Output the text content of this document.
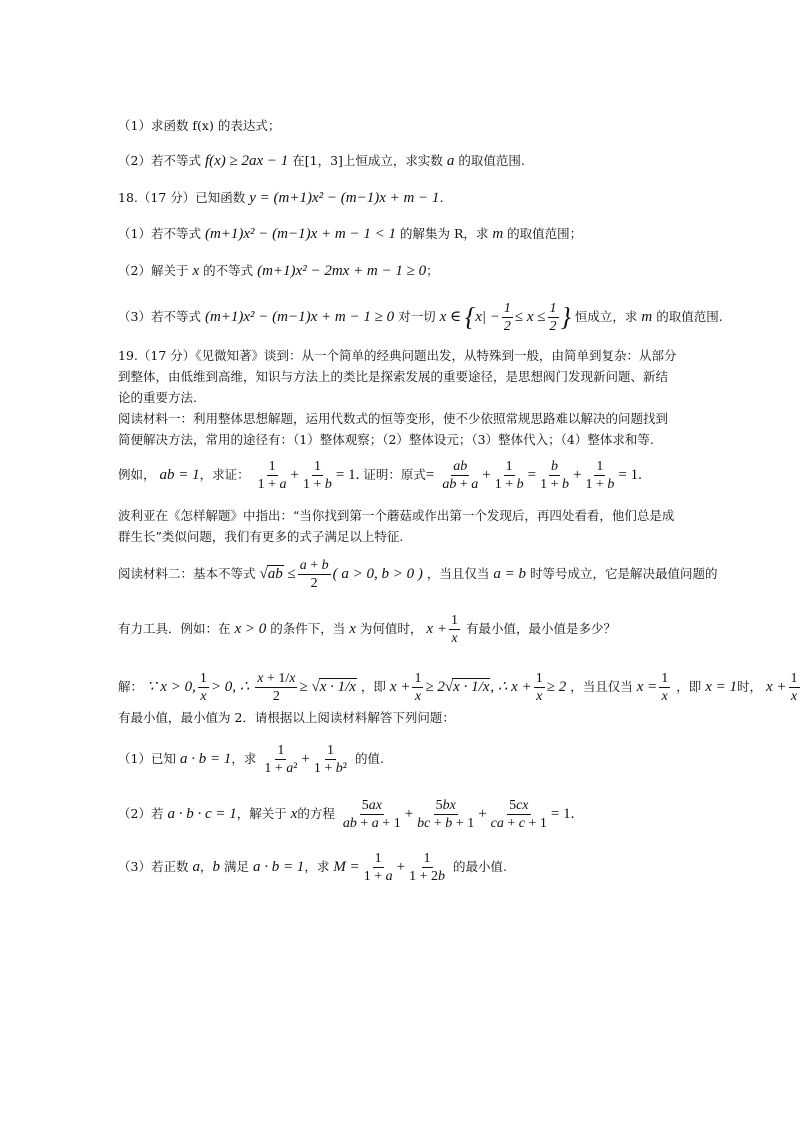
（1）求函数 f(x) 的表达式；
（2）若不等式 f(x) ≥ 2ax − 1 在[1，3]上恒成立，求实数 a 的取值范围.
18.（17 分）已知函数 y = (m+1)x² − (m−1)x + m − 1.
（1）若不等式 (m+1)x² − (m−1)x + m − 1 < 1 的解集为 R，求 m 的取值范围；
（2）解关于 x 的不等式 (m+1)x² − 2mx + m − 1 ≥ 0；
（3）若不等式 (m+1)x² − (m−1)x + m − 1 ≥ 0 对一切 x ∈ {$x| - \frac{1}{2} \le x \le \frac{1}{2}$ } 恒成立，求 m 的取值范围.
19.（17 分）《见微知著》谈到：从一个简单的经典问题出发，从特殊到一般，由简单到复杂：从部分到整体，由低维到高维，知识与方法上的类比是探索发展的重要途径，是思想阀门发现新问题、新结论的重要方法.
阅读材料一：利用整体思想解题，运用代数式的恒等变形，使不少依照常规思路难以解决的问题找到简便解决方法，常用的途径有：（1）整体观察；（2）整体设元；（3）整体代入；（4）整体求和等.
例如， ab = 1，求证： $\frac{1}{1 + a} + \frac{1}{1 + b} = 1$. 证明：原式= $\frac{ab}{ab + a} + \frac{1}{1 + b} = \frac{b}{1 + b} + \frac{1}{1 + b} = 1$.
波利亚在《怎样解题》中指出：“当你找到第一个蘑菇或作出第一个发现后，再四处看看，他们总是成群生长”类似问题，我们有更多的式子满足以上特征.
阅读材料二：基本不等式 $√ab \le \frac{a + b}{2}$ ( a > 0, b > 0 ) ，当且仅当 a = b 时等号成立，它是解决最值问题的
有力工具．例如：在 x > 0 的条件下，当 x 为何值时， $x + \frac{1}{x}$ 有最小值，最小值是多少？
解： ∵ x > 0, $\frac{1}{x} > 0$, ∴ $\frac{x + 1/x}{2} \ge √x \cdot 1/x$ ，即 $x + \frac{1}{x} \ge 2√x \cdot 1/x$, ∴ $x + \frac{1}{x} \ge 2$ ，当且仅当 $x = \frac{1}{x}$ ，即 x = 1时， $x + \frac{1}{x}$
有最小值，最小值为 2．请根据以上阅读材料解答下列问题：
（1）已知 a · b = 1，求 $\frac{1}{\text{1 + a²}} + \frac{1}{\text{1 + b²}}$ 的值.
（2）若 a · b · c = 1，解关于 x的方程 $\frac{5ax}{ab + a + 1} + \frac{5bx}{bc + b + 1} + \frac{5cx}{ca + c + 1} = 1$.
（3）若正数 a，b 满足 a · b = 1，求 $M = \frac{1}{1 + a} + \frac{1}{1 + 2b}$ 的最小值.
